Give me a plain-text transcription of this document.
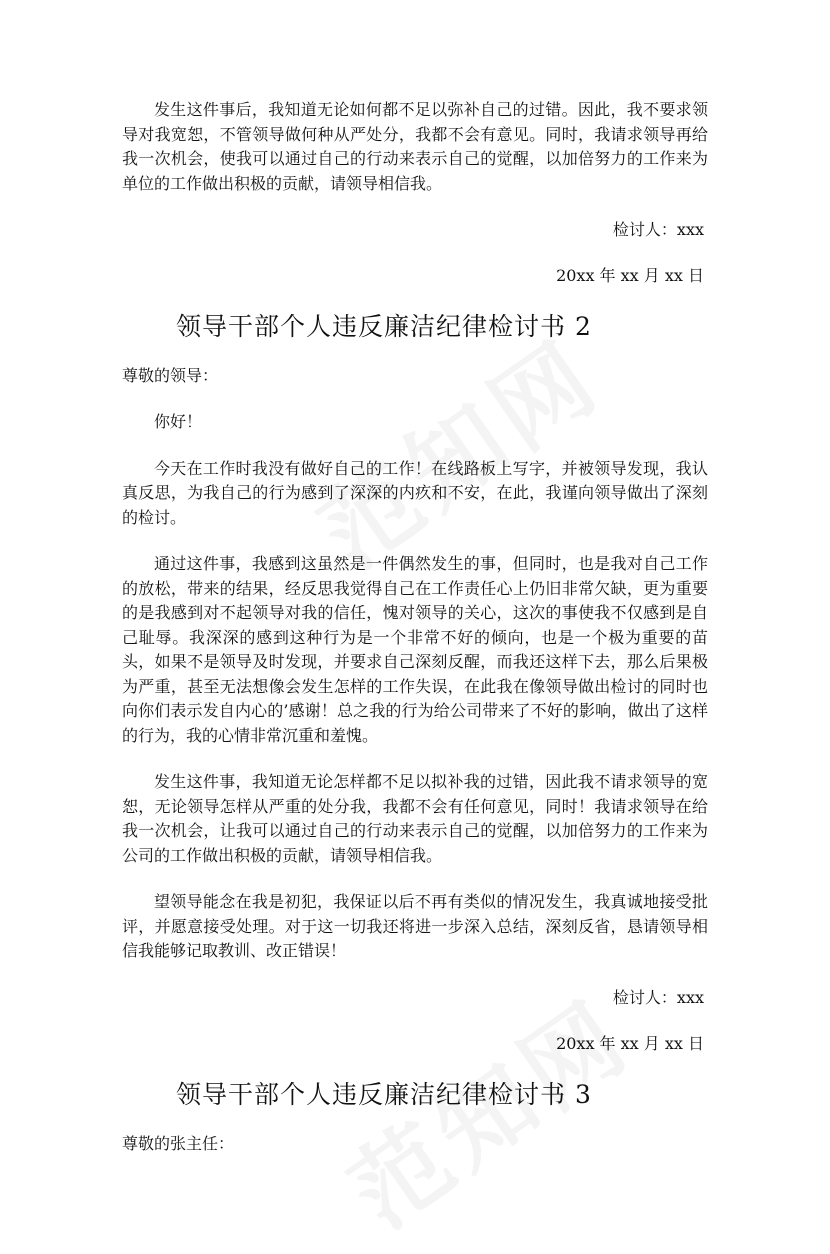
发生这件事后，我知道无论如何都不足以弥补自己的过错。因此，我不要求领导对我宽恕，不管领导做何种从严处分，我都不会有意见。同时，我请求领导再给我一次机会，使我可以通过自己的行动来表示自己的觉醒，以加倍努力的工作来为单位的工作做出积极的贡献，请领导相信我。

检讨人：xxx
20xx 年 xx 月 xx 日
领导干部个人违反廉洁纪律检讨书 2
尊敬的领导：

你好！

今天在工作时我没有做好自己的工作！在线路板上写字，并被领导发现，我认真反思，为我自己的行为感到了深深的内疚和不安，在此，我谨向领导做出了深刻的检讨。

通过这件事，我感到这虽然是一件偶然发生的事，但同时，也是我对自己工作的放松，带来的结果，经反思我觉得自己在工作责任心上仍旧非常欠缺，更为重要的是我感到对不起领导对我的信任，愧对领导的关心，这次的事使我不仅感到是自己耻辱。我深深的感到这种行为是一个非常不好的倾向，也是一个极为重要的苗头，如果不是领导及时发现，并要求自己深刻反醒，而我还这样下去，那么后果极为严重，甚至无法想像会发生怎样的工作失误，在此我在像领导做出检讨的同时也向你们表示发自内心的’感谢！总之我的行为给公司带来了不好的影响，做出了这样的行为，我的心情非常沉重和羞愧。

发生这件事，我知道无论怎样都不足以拟补我的过错，因此我不请求领导的宽恕，无论领导怎样从严重的处分我，我都不会有任何意见，同时！我请求领导在给我一次机会，让我可以通过自己的行动来表示自己的觉醒，以加倍努力的工作来为公司的工作做出积极的贡献，请领导相信我。

望领导能念在我是初犯，我保证以后不再有类似的情况发生，我真诚地接受批评，并愿意接受处理。对于这一切我还将进一步深入总结，深刻反省，恳请领导相信我能够记取教训、改正错误！

检讨人：xxx
20xx 年 xx 月 xx 日
领导干部个人违反廉洁纪律检讨书 3
尊敬的张主任：
